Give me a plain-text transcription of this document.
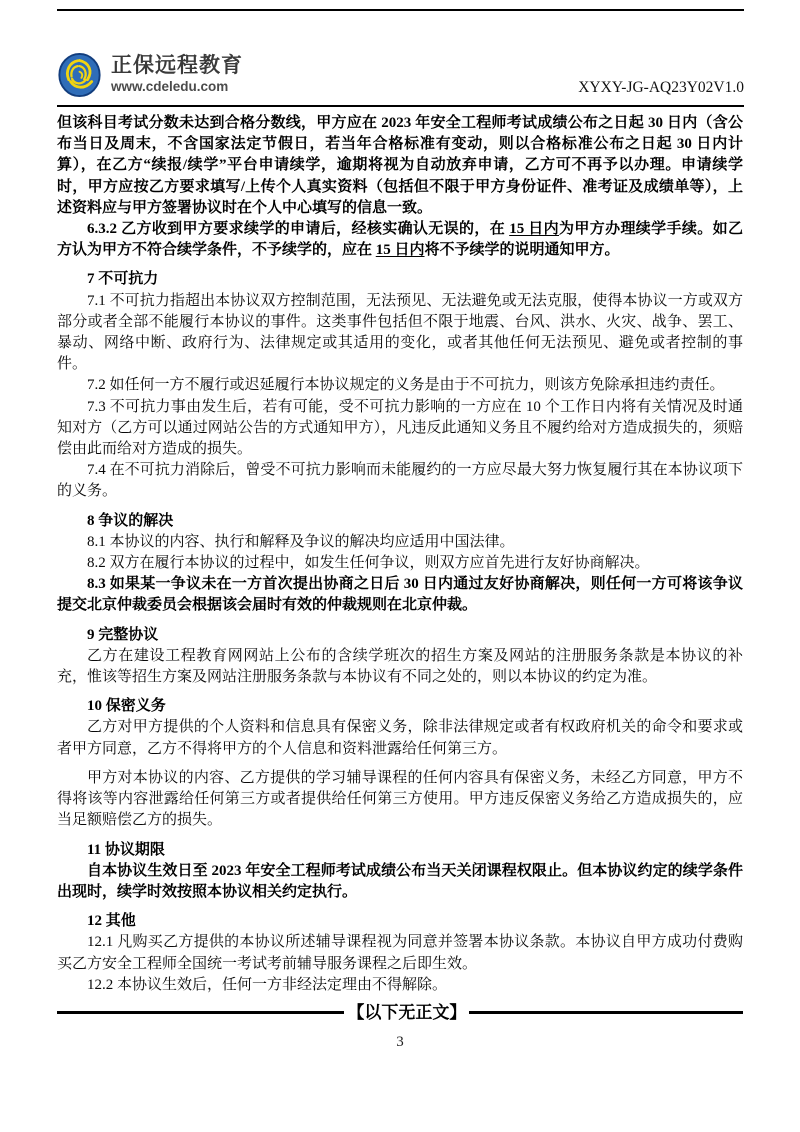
正保远程教育
www.cdeledu.com	XYXY-JG-AQ23Y02V1.0

但该科目考试分数未达到合格分数线，甲方应在 2023 年安全工程师考试成绩公布之日起 30 日内（含公布当日及周末，不含国家法定节假日，若当年合格标准有变动，则以合格标准公布之日起 30 日内计算），在乙方“续报/续学”平台申请续学，逾期将视为自动放弃申请，乙方可不再予以办理。申请续学时，甲方应按乙方要求填写/上传个人真实资料（包括但不限于甲方身份证件、准考证及成绩单等），上述资料应与甲方签署协议时在个人中心填写的信息一致。

6.3.2 乙方收到甲方要求续学的申请后，经核实确认无误的，在 15 日内为甲方办理续学手续。如乙方认为甲方不符合续学条件，不予续学的，应在 15 日内将不予续学的说明通知甲方。

7 不可抗力

7.1 不可抗力指超出本协议双方控制范围，无法预见、无法避免或无法克服，使得本协议一方或双方部分或者全部不能履行本协议的事件。这类事件包括但不限于地震、台风、洪水、火灾、战争、罢工、暴动、网络中断、政府行为、法律规定或其适用的变化，或者其他任何无法预见、避免或者控制的事件。

7.2 如任何一方不履行或迟延履行本协议规定的义务是由于不可抗力，则该方免除承担违约责任。

7.3 不可抗力事由发生后，若有可能，受不可抗力影响的一方应在 10 个工作日内将有关情况及时通知对方（乙方可以通过网站公告的方式通知甲方），凡违反此通知义务且不履约给对方造成损失的，须赔偿由此而给对方造成的损失。

7.4 在不可抗力消除后，曾受不可抗力影响而未能履约的一方应尽最大努力恢复履行其在本协议项下的义务。

8 争议的解决

8.1 本协议的内容、执行和解释及争议的解决均应适用中国法律。

8.2 双方在履行本协议的过程中，如发生任何争议，则双方应首先进行友好协商解决。

8.3 如果某一争议未在一方首次提出协商之日后 30 日内通过友好协商解决，则任何一方可将该争议提交北京仲裁委员会根据该会届时有效的仲裁规则在北京仲裁。

9 完整协议

乙方在建设工程教育网网站上公布的含续学班次的招生方案及网站的注册服务条款是本协议的补充，惟该等招生方案及网站注册服务条款与本协议有不同之处的，则以本协议的约定为准。

10 保密义务

乙方对甲方提供的个人资料和信息具有保密义务，除非法律规定或者有权政府机关的命令和要求或者甲方同意，乙方不得将甲方的个人信息和资料泄露给任何第三方。

甲方对本协议的内容、乙方提供的学习辅导课程的任何内容具有保密义务，未经乙方同意，甲方不得将该等内容泄露给任何第三方或者提供给任何第三方使用。甲方违反保密义务给乙方造成损失的，应当足额赔偿乙方的损失。

11 协议期限

自本协议生效日至 2023 年安全工程师考试成绩公布当天关闭课程权限止。但本协议约定的续学条件出现时，续学时效按照本协议相关约定执行。

12 其他

12.1 凡购买乙方提供的本协议所述辅导课程视为同意并签署本协议条款。本协议自甲方成功付费购买乙方安全工程师全国统一考试考前辅导服务课程之后即生效。

12.2 本协议生效后，任何一方非经法定理由不得解除。

【以下无正文】
3
